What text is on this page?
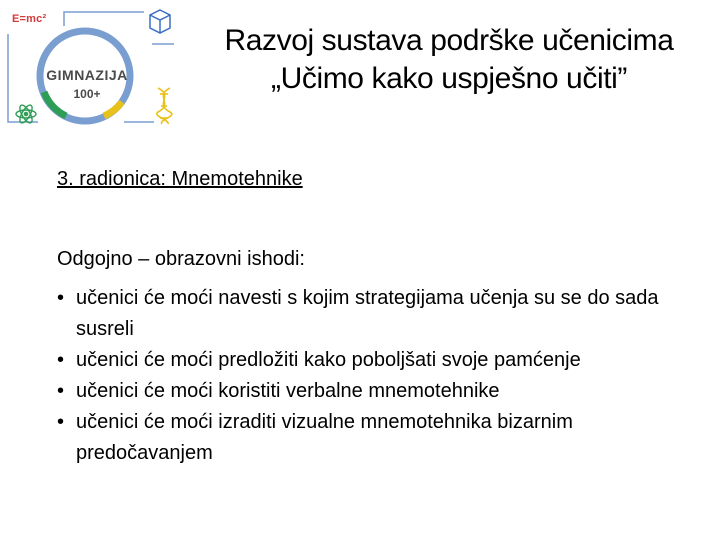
E=mc²
GIMNAZIJA
100+
Razvoj sustava podrške učenicima
„Učimo kako uspješno učiti”
3. radionica: Mnemotehnike
Odgojno – obrazovni ishodi:
• učenici će moći navesti s kojim strategijama učenja su se do sada susreli
• učenici će moći predložiti kako poboljšati svoje pamćenje
• učenici će moći koristiti verbalne mnemotehnike
• učenici će moći izraditi vizualne mnemotehnika bizarnim predočavanjem
